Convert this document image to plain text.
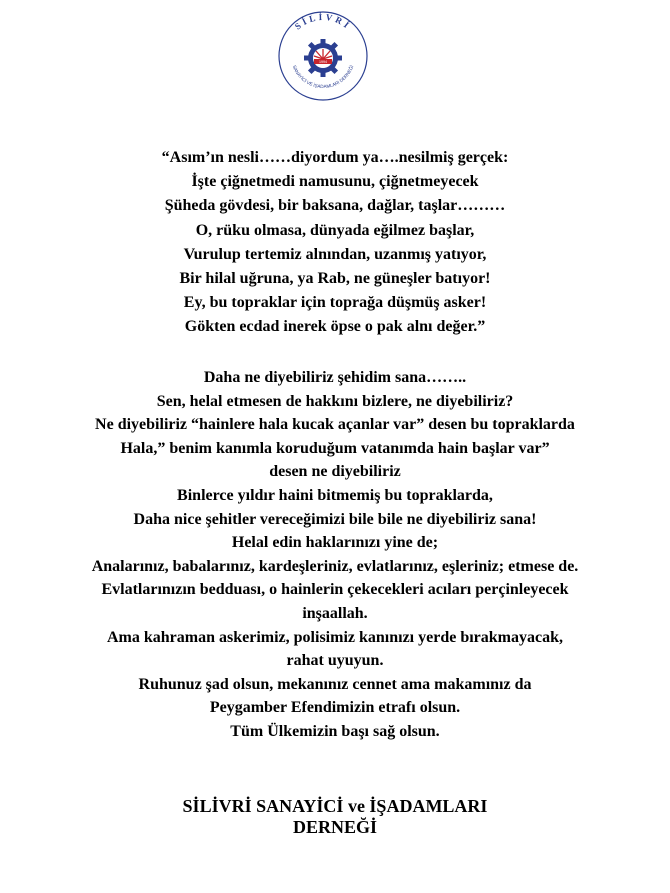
SİLİVRİ
SANAYİCİ VE İŞADAMLARI DERNEĞİ
1994
“Asım’ın nesli……diyordum ya….nesilmiş gerçek:
İşte çiğnetmedi namusunu, çiğnetmeyecek
Şüheda gövdesi, bir baksana, dağlar, taşlar………
O, rüku olmasa, dünyada eğilmez başlar,
Vurulup tertemiz alnından, uzanmış yatıyor,
Bir hilal uğruna, ya Rab, ne güneşler batıyor!
Ey, bu topraklar için toprağa düşmüş asker!
Gökten ecdad inerek öpse o pak alnı değer.”
Daha ne diyebiliriz şehidim sana……..
Sen, helal etmesen de hakkını bizlere, ne diyebiliriz?
Ne diyebiliriz “hainlere hala kucak açanlar var” desen bu topraklarda
Hala,” benim kanımla koruduğum vatanımda hain başlar var”
desen ne diyebiliriz
Binlerce yıldır haini bitmemiş bu topraklarda,
Daha nice şehitler vereceğimizi bile bile ne diyebiliriz sana!
Helal edin haklarınızı yine de;
Analarınız, babalarınız, kardeşleriniz, evlatlarınız, eşleriniz; etmese de.
Evlatlarınızın bedduası, o hainlerin çekecekleri acıları perçinleyecek
inşaallah.
Ama kahraman askerimiz, polisimiz kanınızı yerde bırakmayacak,
rahat uyuyun.
Ruhunuz şad olsun, mekanınız cennet ama makamınız da
Peygamber Efendimizin etrafı olsun.
Tüm Ülkemizin başı sağ olsun.
SİLİVRİ SANAYİCİ ve İŞADAMLARI
DERNEĞİ
